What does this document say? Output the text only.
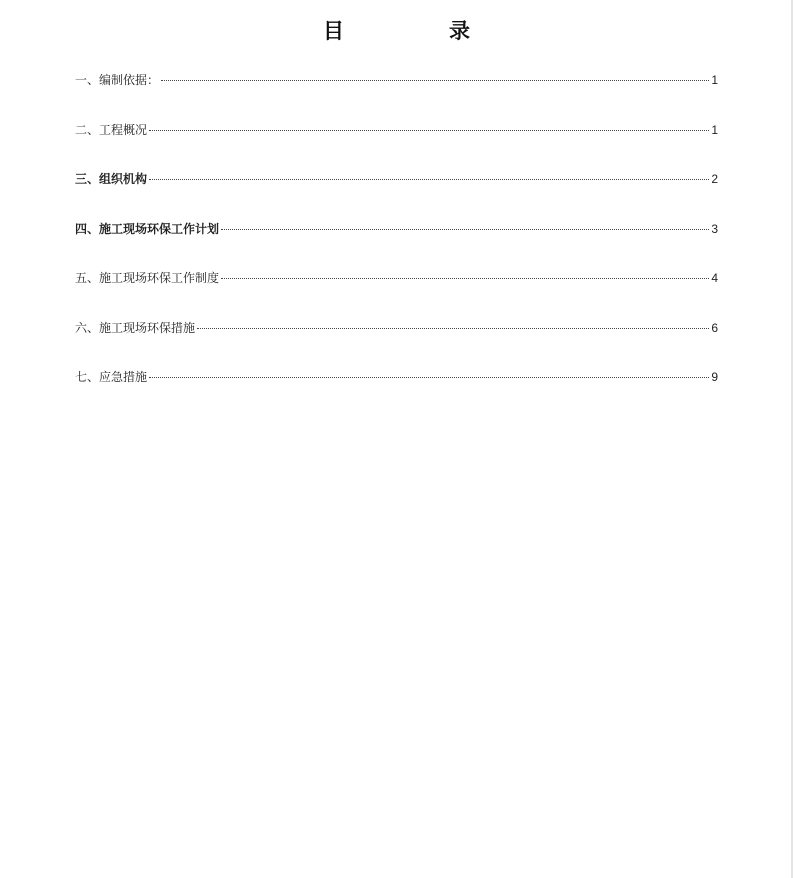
目　录
一、编制依据：	1
二、工程概况	1
三、组织机构	2
四、施工现场环保工作计划	3
五、施工现场环保工作制度	4
六、施工现场环保措施	6
七、应急措施	9
